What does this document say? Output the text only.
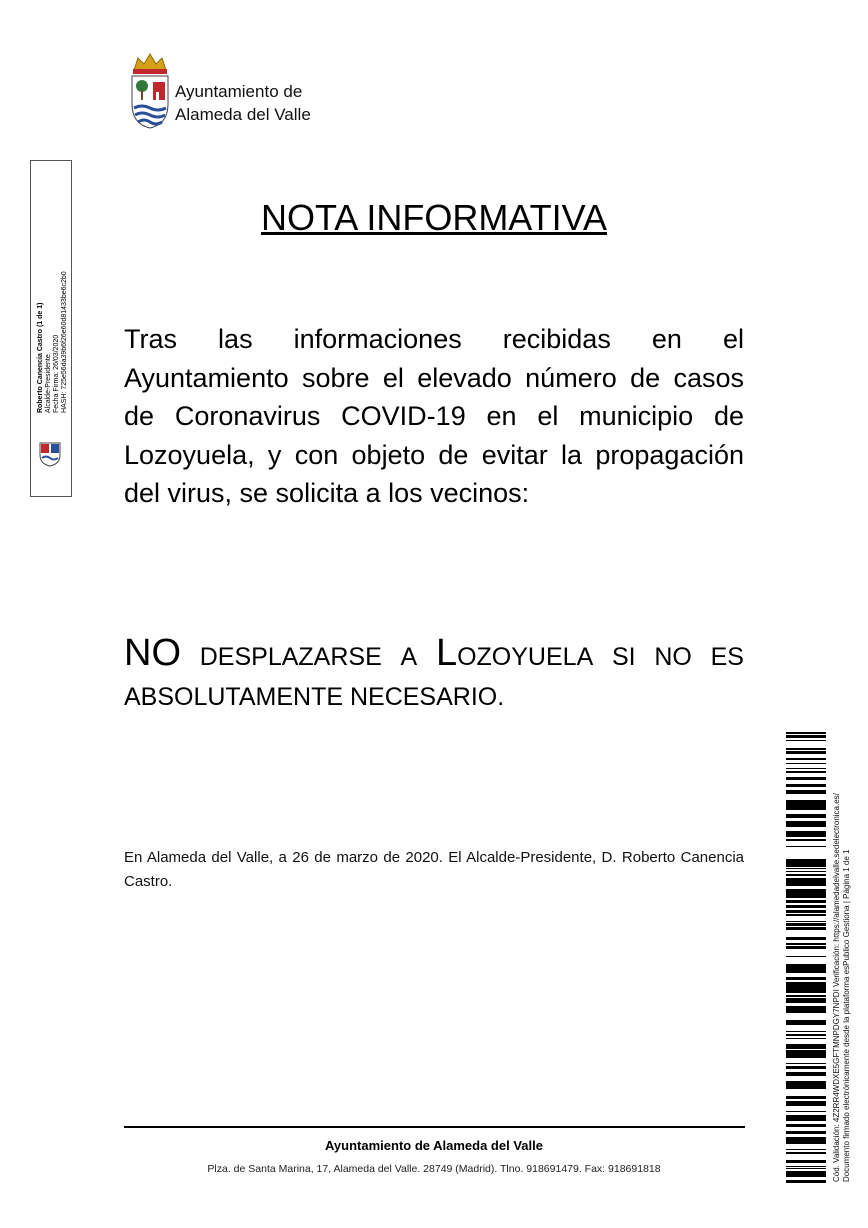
Ayuntamiento de
Alameda del Valle
Roberto Canencia Castro (1 de 1) Alcalde-Presidente Fecha Firma: 26/03/2020 HASH: 725e56da39b6f26e60d81433be6c2b0
NOTA INFORMATIVA
Tras las informaciones recibidas en el Ayuntamiento sobre el elevado número de casos de Coronavirus COVID-19 en el municipio de Lozoyuela, y con objeto de evitar la propagación del virus, se solicita a los vecinos:
NO DESPLAZARSE A LOZOYUELA SI NO ES
ABSOLUTAMENTE NECESARIO.
En Alameda del Valle, a 26 de marzo de 2020. El Alcalde-Presidente, D. Roberto Canencia Castro.
Ayuntamiento de Alameda del Valle
Plza. de Santa Marina, 17, Alameda del Valle. 28749 (Madrid). Tlno. 918691479. Fax: 918691818	Cód. Validación: 4Z2RR4WDXE5GFTMNPDGY7NPDI Verificación: https://alamedadelvalle.sedelectronica.es/ Documento firmado electrónicamente desde la plataforma esPublico Gestiona | Página 1 de 1
